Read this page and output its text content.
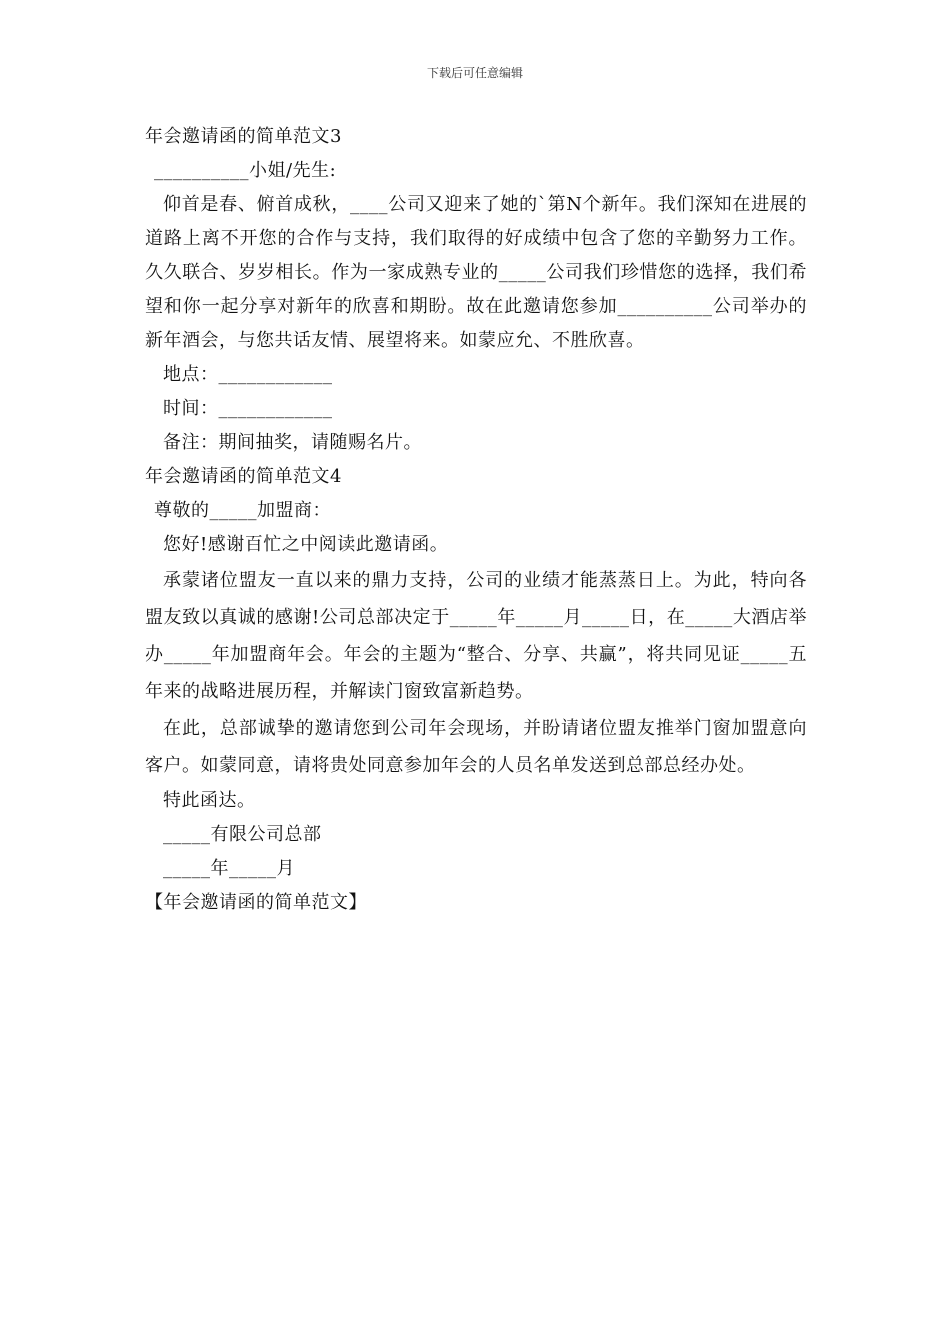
下载后可任意编辑
年会邀请函的简单范文3
__________小姐/先生:
仰首是春、俯首成秋，____公司又迎来了她的`第N个新年。我们深知在进展的道路上离不开您的合作与支持，我们取得的好成绩中包含了您的辛勤努力工作。久久联合、岁岁相长。作为一家成熟专业的_____公司我们珍惜您的选择，我们希望和你一起分享对新年的欣喜和期盼。故在此邀请您参加__________公司举办的新年酒会，与您共话友情、展望将来。如蒙应允、不胜欣喜。
地点：____________
时间：____________
备注：期间抽奖，请随赐名片。
年会邀请函的简单范文4
尊敬的_____加盟商：
您好!感谢百忙之中阅读此邀请函。
承蒙诸位盟友一直以来的鼎力支持，公司的业绩才能蒸蒸日上。为此，特向各盟友致以真诚的感谢!公司总部决定于_____年_____月_____日，在_____大酒店举办_____年加盟商年会。年会的主题为“整合、分享、共赢”，将共同见证_____五年来的战略进展历程，并解读门窗致富新趋势。
在此，总部诚挚的邀请您到公司年会现场，并盼请诸位盟友推举门窗加盟意向客户。如蒙同意，请将贵处同意参加年会的人员名单发送到总部总经办处。
特此函达。
_____有限公司总部
_____年_____月
【年会邀请函的简单范文】
